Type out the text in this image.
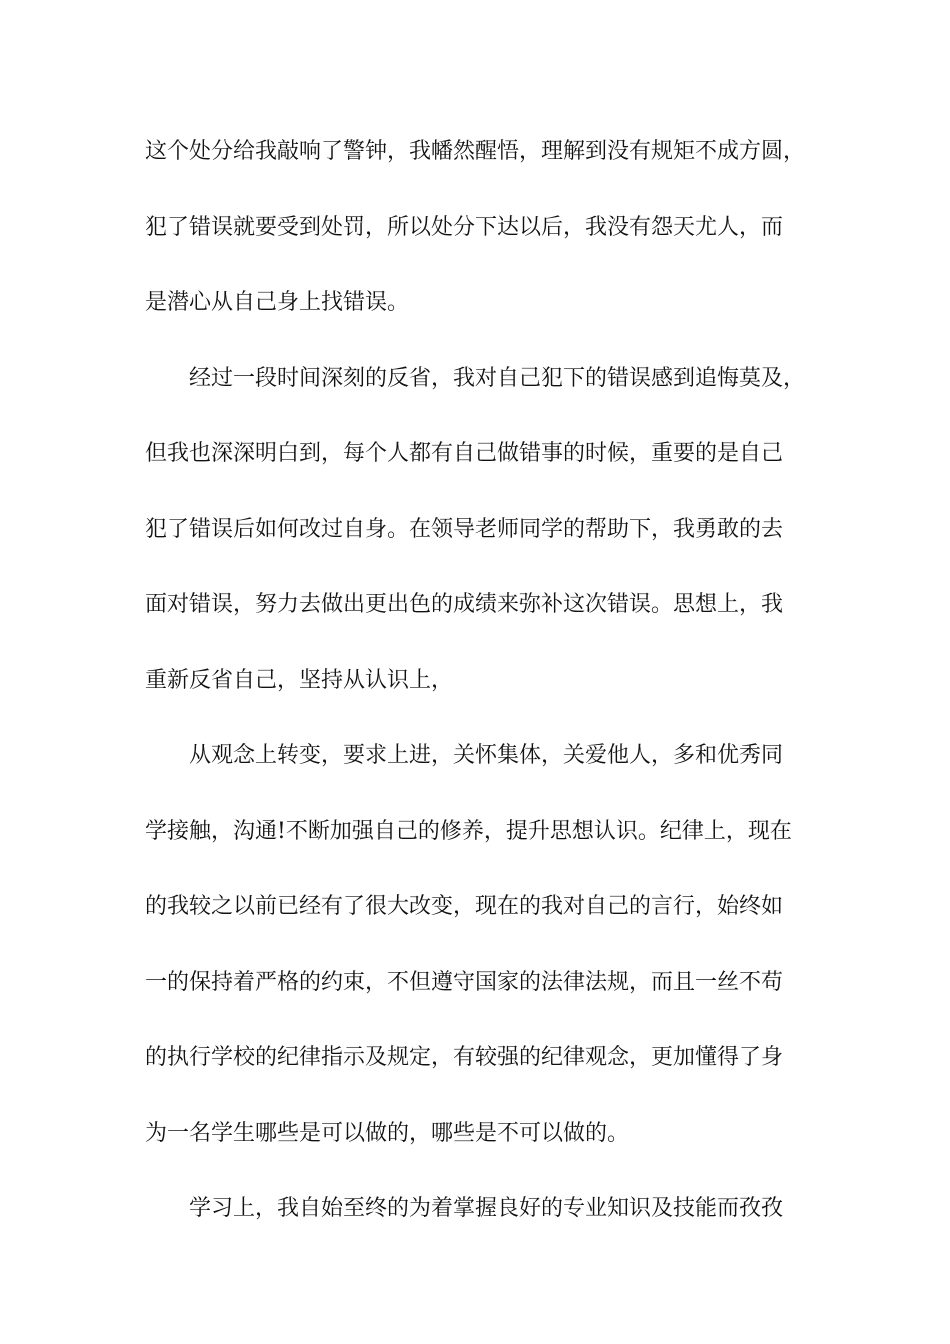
这个处分给我敲响了警钟，我幡然醒悟，理解到没有规矩不成方圆，
犯了错误就要受到处罚，所以处分下达以后，我没有怨天尤人，而
是潜心从自己身上找错误。
经过一段时间深刻的反省，我对自己犯下的错误感到追悔莫及，
但我也深深明白到，每个人都有自己做错事的时候，重要的是自己
犯了错误后如何改过自身。在领导老师同学的帮助下，我勇敢的去
面对错误，努力去做出更出色的成绩来弥补这次错误。思想上，我
重新反省自己，坚持从认识上，
从观念上转变，要求上进，关怀集体，关爱他人，多和优秀同
学接触，沟通!不断加强自己的修养，提升思想认识。纪律上，现在
的我较之以前已经有了很大改变，现在的我对自己的言行，始终如
一的保持着严格的约束，不但遵守国家的法律法规，而且一丝不苟
的执行学校的纪律指示及规定，有较强的纪律观念，更加懂得了身
为一名学生哪些是可以做的，哪些是不可以做的。
学习上，我自始至终的为着掌握良好的专业知识及技能而孜孜
